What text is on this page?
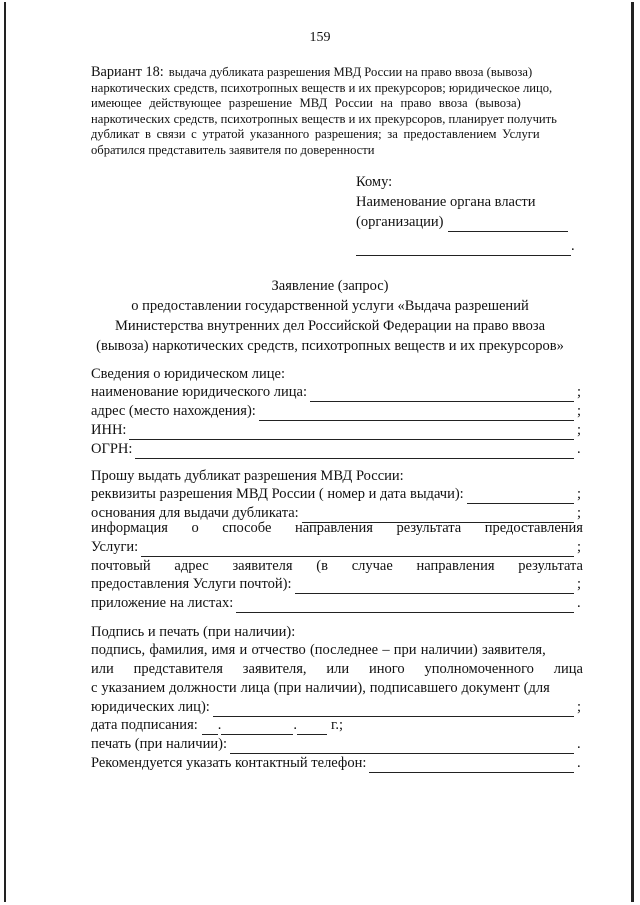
159
Вариант 18: выдача дубликата разрешения МВД России на право ввоза (вывоза)
наркотических средств, психотропных веществ и их прекурсоров; юридическое лицо,
имеющее действующее разрешение МВД России на право ввоза (вывоза)
наркотических средств, психотропных веществ и их прекурсоров, планирует получить
дубликат в связи с утратой указанного разрешения; за предоставлением Услуги
обратился представитель заявителя по доверенности
Кому:
Наименование органа власти
(организации)
.
Заявление (запрос)
о предоставлении государственной услуги «Выдача разрешений
Министерства внутренних дел Российской Федерации на право ввоза
(вывоза) наркотических средств, психотропных веществ и их прекурсоров»
Сведения о юридическом лице:
наименование юридического лица:	;
адрес (место нахождения):	;
ИНН:	;
ОГРН:	.
Прошу выдать дубликат разрешения МВД России:
реквизиты разрешения МВД России ( номер и дата выдачи):	;
основания для выдачи дубликата:	;
информация о способе направления результата предоставления
Услуги:	;
почтовый адрес заявителя (в случае направления результата
предоставления Услуги почтой):	;
приложение на листах:	.
Подпись и печать (при наличии):
подпись, фамилия, имя и отчество (последнее – при наличии) заявителя,
или представителя заявителя, или иного уполномоченного лица
с указанием должности лица (при наличии), подписавшего документ (для
юридических лиц):	;
дата подписания: .	. г.;
печать (при наличии):	.
Рекомендуется указать контактный телефон:	.
